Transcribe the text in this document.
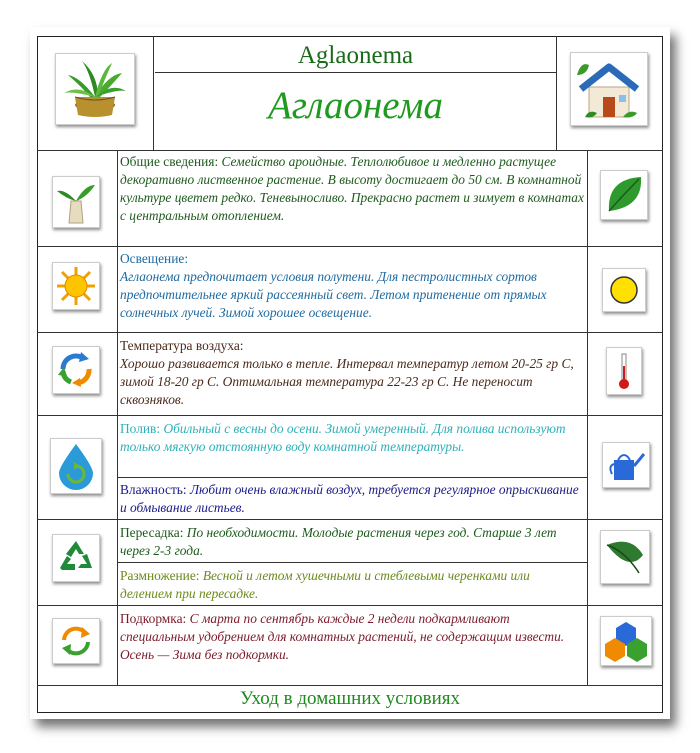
Aglaonema
Аглаонема
Общие сведения: Семейство ароидные. Теплолюбивое и медленно растущее декоративно лиственное растение. В высоту достигает до 50 см. В комнатной культуре цветет редко. Теневыносливо. Прекрасно растет и зимует в комнатах с центральным отоплением.
Освещение:
Аглаонема предпочитает условия полутени. Для пестролистных сортов предпочтительнее яркий рассеянный свет. Летом притенение от прямых солнечных лучей. Зимой хорошее освещение.
Температура воздуха:
Хорошо развивается только в тепле. Интервал температур летом 20-25 гр С, зимой 18-20 гр С. Оптимальная температура 22-23 гр С. Не переносит сквозняков.
Полив: Обильный с весны до осени. Зимой умеренный. Для полива используют только мягкую отстоянную воду комнатной температуры.
Влажность: Любит очень влажный воздух, требуется регулярное опрыскивание и обмывание листьев.
Пересадка: По необходимости. Молодые растения через год. Старше 3 лет через 2-3 года.
Размножение: Весной и летом хушечными и стеблевыми черенками или делением при пересадке.
Подкормка: С марта по сентябрь каждые 2 недели подкармливают специальным удобрением для комнатных растений, не содержащим извести. Осень — Зима без подкормки.
Уход в домашних условиях
